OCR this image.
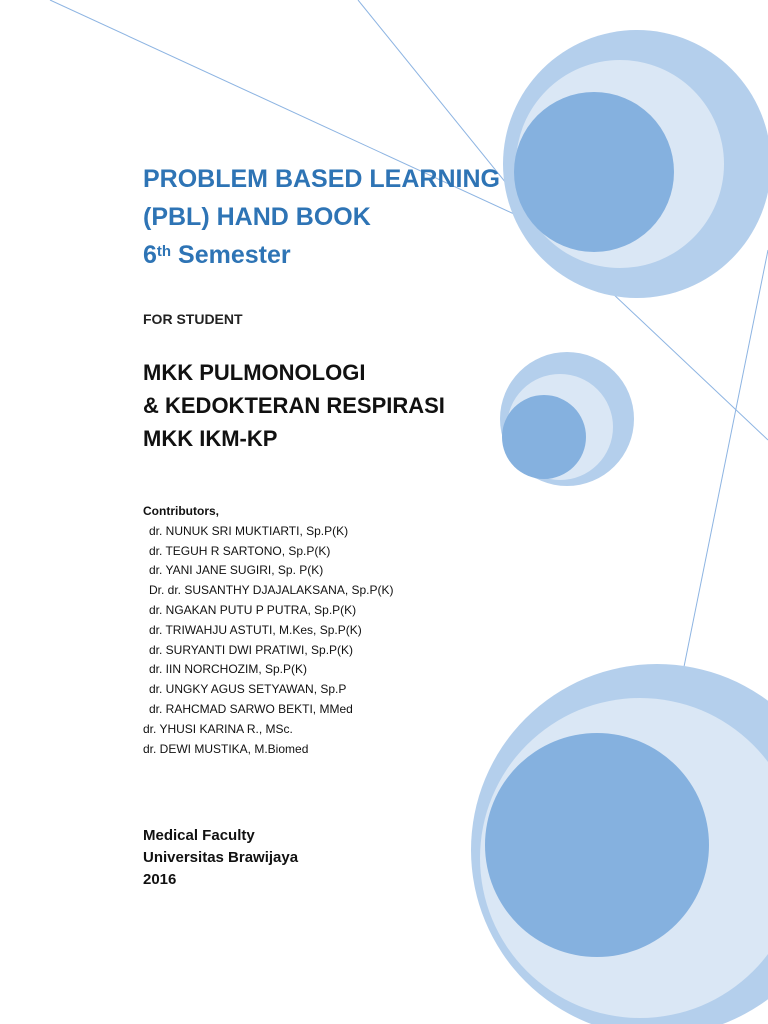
PROBLEM BASED LEARNING
(PBL) HAND BOOK
6th Semester
FOR STUDENT
MKK PULMONOLOGI
& KEDOKTERAN RESPIRASI
MKK IKM-KP
Contributors,
dr. NUNUK SRI MUKTIARTI, Sp.P(K)
dr. TEGUH R SARTONO, Sp.P(K)
dr. YANI JANE SUGIRI, Sp. P(K)
Dr. dr. SUSANTHY DJAJALAKSANA, Sp.P(K)
dr. NGAKAN PUTU P PUTRA, Sp.P(K)
dr. TRIWAHJU ASTUTI, M.Kes, Sp.P(K)
dr. SURYANTI DWI PRATIWI, Sp.P(K)
dr. IIN NORCHOZIM, Sp.P(K)
dr. UNGKY AGUS SETYAWAN, Sp.P
dr. RAHCMAD SARWO BEKTI, MMed
dr. YHUSI KARINA R., MSc.
dr. DEWI MUSTIKA, M.Biomed
Medical Faculty
Universitas Brawijaya
2016
